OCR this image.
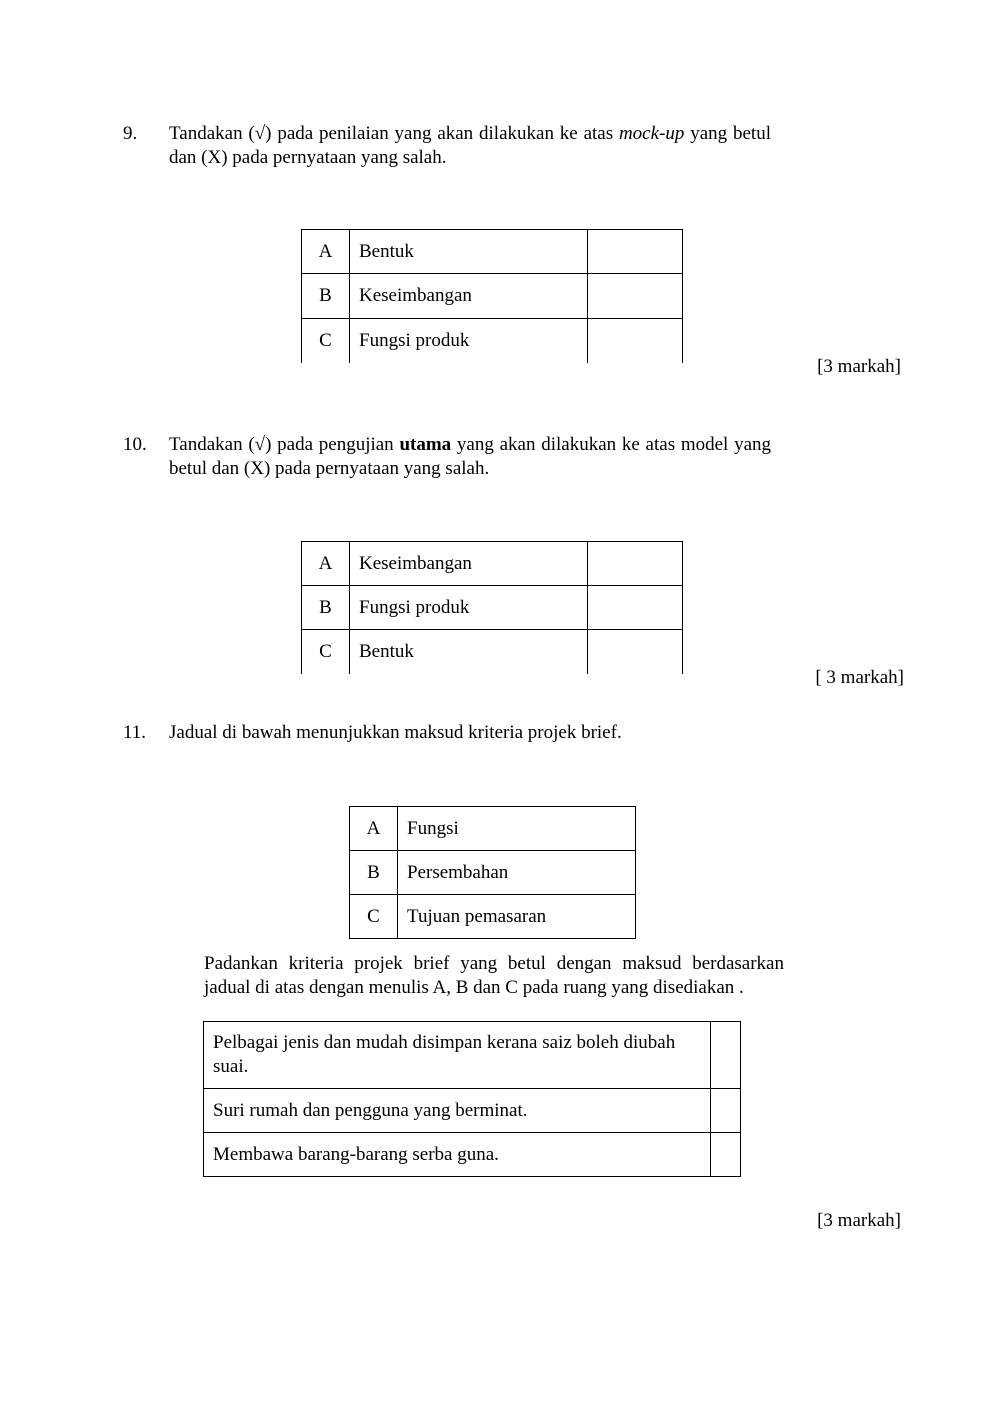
9. Tandakan (√) pada penilaian yang akan dilakukan ke atas mock-up yang betul dan (X) pada pernyataan yang salah.
A	Bentuk	
B	Keseimbangan	
C	Fungsi produk	
[3 markah]
10. Tandakan (√) pada pengujian utama yang akan dilakukan ke atas model yang betul dan (X) pada pernyataan yang salah.
A	Keseimbangan	
B	Fungsi produk	
C	Bentuk	
[ 3 markah]
11. Jadual di bawah menunjukkan maksud kriteria projek brief.
A	Fungsi
B	Persembahan
C	Tujuan pemasaran
Padankan kriteria projek brief yang betul dengan maksud berdasarkan jadual di atas dengan menulis A, B dan C pada ruang yang disediakan .
Pelbagai jenis dan mudah disimpan kerana saiz boleh diubah suai.	
Suri rumah dan pengguna yang berminat.	
Membawa barang-barang serba guna.	
[3 markah]
